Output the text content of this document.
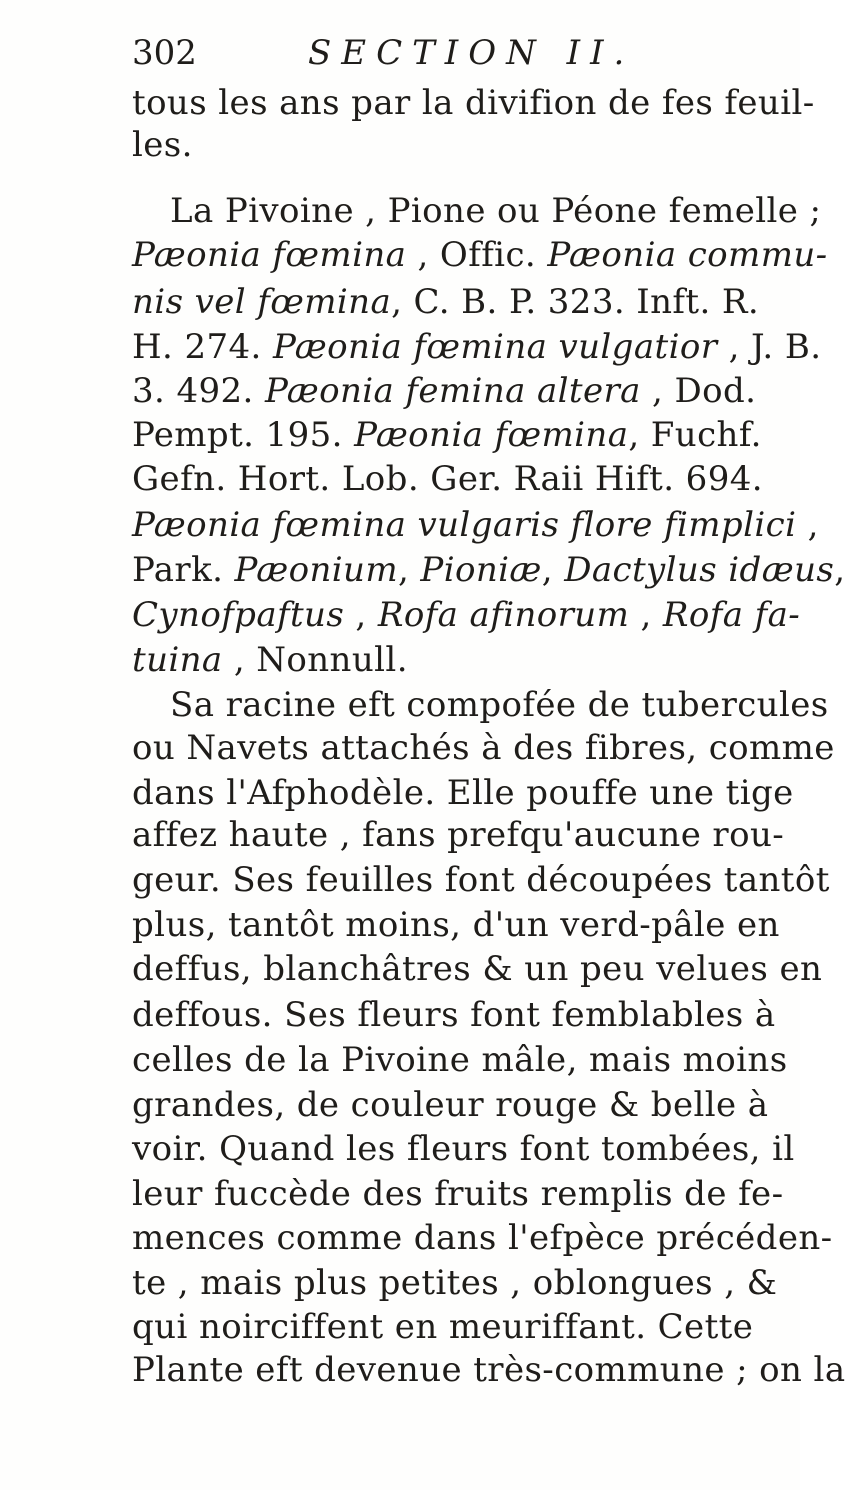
302	SECTION II.
tous les ans par la divifion de fes feuil-
les.
La Pivoine , Pione ou Péone femelle ;
Pæonia fœmina , Offic. Pæonia commu-
nis vel fœmina, C. B. P. 323. Inft. R.
H. 274. Pæonia fœmina vulgatior , J. B.
3. 492. Pæonia femina altera , Dod.
Pempt. 195. Pæonia fœmina, Fuchf.
Gefn. Hort. Lob. Ger. Raii Hift. 694.
Pæonia fœmina vulgaris flore fimplici ,
Park. Pæonium, Pioniæ, Dactylus idæus,
Cynofpaftus , Rofa afinorum , Rofa fa-
tuina , Nonnull.
Sa racine eft compofée de tubercules
ou Navets attachés à des fibres, comme
dans l'Afphodèle. Elle pouffe une tige
affez haute , fans prefqu'aucune rou-
geur. Ses feuilles font découpées tantôt
plus, tantôt moins, d'un verd-pâle en
deffus, blanchâtres & un peu velues en
deffous. Ses fleurs font femblables à
celles de la Pivoine mâle, mais moins
grandes, de couleur rouge & belle à
voir. Quand les fleurs font tombées, il
leur fuccède des fruits remplis de fe-
mences comme dans l'efpèce précéden-
te , mais plus petites , oblongues , &
qui noirciffent en meuriffant. Cette
Plante eft devenue très-commune ; on la
